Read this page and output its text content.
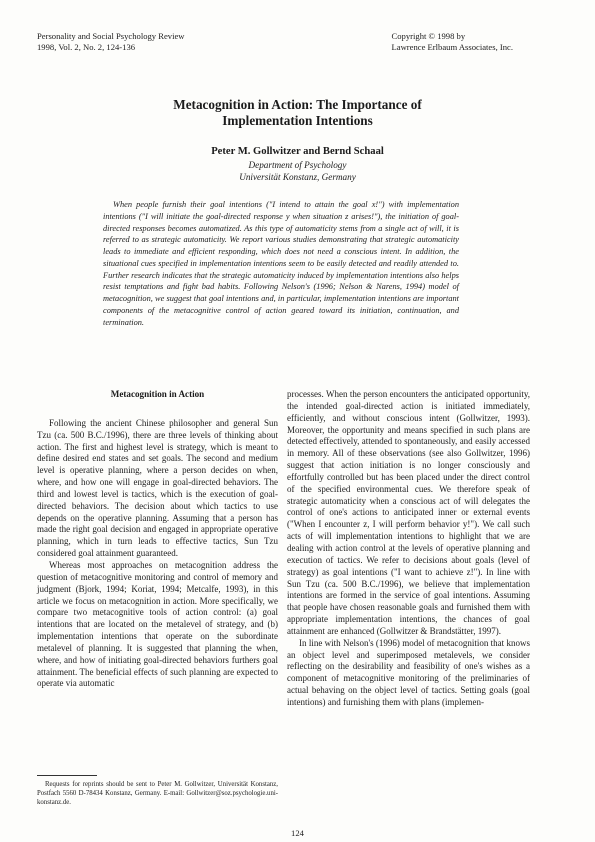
Personality and Social Psychology Review
1998, Vol. 2, No. 2, 124-136
Copyright © 1998 by
Lawrence Erlbaum Associates, Inc.
Metacognition in Action: The Importance of
Implementation Intentions
Peter M. Gollwitzer and Bernd Schaal
Department of Psychology
Universität Konstanz, Germany

When people furnish their goal intentions ("I intend to attain the goal x!") with implementation intentions ("I will initiate the goal-directed response y when situation z arises!"), the initiation of goal-directed responses becomes automatized. As this type of automaticity stems from a single act of will, it is referred to as strategic automaticity. We report various studies demonstrating that strategic automaticity leads to immediate and efficient responding, which does not need a conscious intent. In addition, the situational cues specified in implementation intentions seem to be easily detected and readily attended to. Further research indicates that the strategic automaticity induced by implementation intentions also helps resist temptations and fight bad habits. Following Nelson's (1996; Nelson & Narens, 1994) model of metacognition, we suggest that goal intentions and, in particular, implementation intentions are important components of the metacognitive control of action geared toward its initiation, continuation, and termination.

Metacognition in Action

Following the ancient Chinese philosopher and general Sun Tzu (ca. 500 B.C./1996), there are three levels of thinking about action. The first and highest level is strategy, which is meant to define desired end states and set goals. The second and medium level is operative planning, where a person decides on when, where, and how one will engage in goal-directed behaviors. The third and lowest level is tactics, which is the execution of goal-directed behaviors. The decision about which tactics to use depends on the operative planning. Assuming that a person has made the right goal decision and engaged in appropriate operative planning, which in turn leads to effective tactics, Sun Tzu considered goal attainment guaranteed.

Whereas most approaches on metacognition address the question of metacognitive monitoring and control of memory and judgment (Bjork, 1994; Koriat, 1994; Metcalfe, 1993), in this article we focus on metacognition in action. More specifically, we compare two metacognitive tools of action control: (a) goal intentions that are located on the metalevel of strategy, and (b) implementation intentions that operate on the subordinate metalevel of planning. It is suggested that planning the when, where, and how of initiating goal-directed behaviors furthers goal attainment. The beneficial effects of such planning are expected to operate via automatic

processes. When the person encounters the anticipated opportunity, the intended goal-directed action is initiated immediately, efficiently, and without conscious intent (Gollwitzer, 1993). Moreover, the opportunity and means specified in such plans are detected effectively, attended to spontaneously, and easily accessed in memory. All of these observations (see also Gollwitzer, 1996) suggest that action initiation is no longer consciously and effortfully controlled but has been placed under the direct control of the specified environmental cues. We therefore speak of strategic automaticity when a conscious act of will delegates the control of one's actions to anticipated inner or external events ("When I encounter z, I will perform behavior y!"). We call such acts of will implementation intentions to highlight that we are dealing with action control at the levels of operative planning and execution of tactics. We refer to decisions about goals (level of strategy) as goal intentions ("I want to achieve z!"). In line with Sun Tzu (ca. 500 B.C./1996), we believe that implementation intentions are formed in the service of goal intentions. Assuming that people have chosen reasonable goals and furnished them with appropriate implementation intentions, the chances of goal attainment are enhanced (Gollwitzer & Brandstätter, 1997).

In line with Nelson's (1996) model of metacognition that knows an object level and superimposed metalevels, we consider reflecting on the desirability and feasibility of one's wishes as a component of metacognitive monitoring of the preliminaries of actual behaving on the object level of tactics. Setting goals (goal intentions) and furnishing them with plans (implemen-

Requests for reprints should be sent to Peter M. Gollwitzer, Universität Konstanz, Postfach 5560 D-78434 Konstanz, Germany. E-mail: Gollwitzer@soz.psychologie.uni-konstanz.de.

124
